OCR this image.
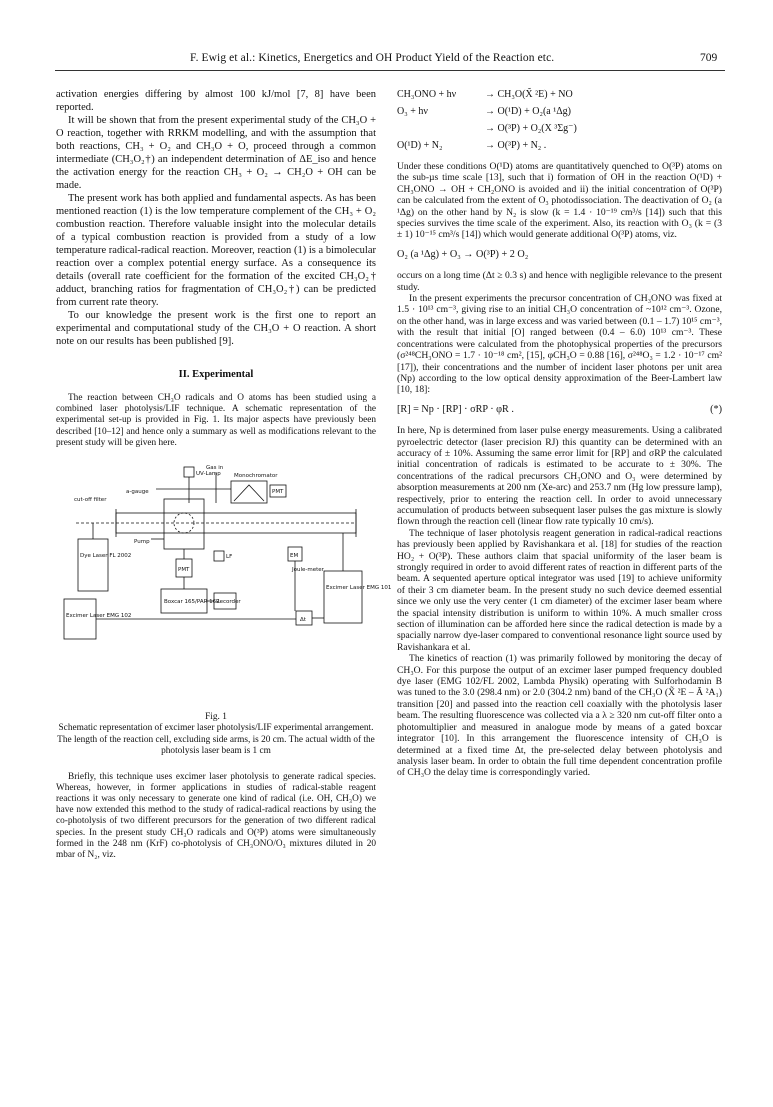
F. Ewig et al.: Kinetics, Energetics and OH Product Yield of the Reaction etc.	709

activation energies differing by almost 100 kJ/mol [7, 8] have been reported.

It will be shown that from the present experimental study of the CH₃O + O reaction, together with RRKM modelling, and with the assumption that both reactions, CH₃ + O₂ and CH₃O + O, proceed through a common intermediate (CH₃O₂†) an independent determination of ΔE_iso and hence the activation energy for the reaction CH₃ + O₂ → CH₂O + OH can be made.

The present work has both applied and fundamental aspects. As has been mentioned reaction (1) is the low temperature complement of the CH₃ + O₂ combustion reaction. Therefore valuable insight into the molecular details of a typical combustion reaction is provided from a study of a low temperature radical-radical reaction. Moreover, reaction (1) is a bimolecular reaction over a complex potential energy surface. As a consequence its details (overall rate coefficient for the formation of the excited CH₃O₂† adduct, branching ratios for fragmentation of CH₃O₂†) can be predicted from current rate theory.

To our knowledge the present work is the first one to report an experimental and computational study of the CH₃O + O reaction. A short note on our results has been published [9].

II. Experimental

The reaction between CH₃O radicals and O atoms has been studied using a combined laser photolysis/LIF technique. A schematic representation of the experimental set-up is provided in Fig. 1. Its major aspects have previously been described [10–12] and hence only a summary as well as modifications relevant to the present study will be given here.

UV-Lamp
Gas in
Monochromator
PMT
a-gauge
cut-off filter
Dye Laser FL 2002
Pump
LF	EM
Joule-meter
PMT
Boxcar 165/PAR 162
Recorder
Excimer Laser EMG 101
Excimer Laser EMG 102
Δt

Fig. 1

Schematic representation of excimer laser photolysis/LIF experimental arrangement. The length of the reaction cell, excluding side arms, is 20 cm. The actual width of the photolysis laser beam is 1 cm

Briefly, this technique uses excimer laser photolysis to generate radical species. Whereas, however, in former applications in studies of radical-stable reagent reactions it was only necessary to generate one kind of radical (i.e. OH, CH₃O) we have now extended this method to the study of radical-radical reactions by using the co-photolysis of two different precursors for the generation of two different radical species. In the present study CH₃O radicals and O(³P) atoms were simultaneously formed in the 248 nm (KrF) co-photolysis of CH₃ONO/O₃ mixtures diluted in 20 mbar of N₂, viz.

CH₃ONO + hν	→ CH₃O(X̃ ²E) + NO
O₃ + hν	→ O(¹D) + O₂(a ¹Δg)
→ O(³P) + O₂(X ³Σg⁻)
O(¹D) + N₂	→ O(³P) + N₂ .

Under these conditions O(¹D) atoms are quantitatively quenched to O(³P) atoms on the sub-µs time scale [13], such that i) formation of OH in the reaction O(¹D) + CH₃ONO → OH + CH₂ONO is avoided and ii) the initial concentration of O(³P) can be calculated from the extent of O₃ photodissociation. The deactivation of O₂ (a ¹Δg) on the other hand by N₂ is slow (k = 1.4 · 10⁻¹⁹ cm³/s [14]) such that this species survives the time scale of the experiment. Also, its reaction with O₃ (k = (3 ± 1) 10⁻¹⁵ cm³/s [14]) which would generate additional O(³P) atoms, viz.

O₂ (a ¹Δg) + O₃ → O(³P) + 2 O₂

occurs on a long time (Δt ≥ 0.3 s) and hence with negligible relevance to the present study.

In the present experiments the precursor concentration of CH₃ONO was fixed at 1.5 · 10¹³ cm⁻³, giving rise to an initial CH₃O concentration of ~10¹² cm⁻³. Ozone, on the other hand, was in large excess and was varied between (0.1 – 1.7) 10¹⁵ cm⁻³, with the result that initial [O] ranged between (0.4 – 6.0) 10¹³ cm⁻³. These concentrations were calculated from the photophysical properties of the precursors (σ²⁴⁸CH₃ONO = 1.7 · 10⁻¹⁸ cm², [15], φCH₃O = 0.88 [16], σ²⁴⁸O₃ = 1.2 · 10⁻¹⁷ cm² [17]), their concentrations and the number of incident laser photons per unit area (Np) according to the low optical density approximation of the Beer-Lambert law [10, 18]:

[R] = Np · [RP] · σRP · φR .	(*)

In here, Np is determined from laser pulse energy measurements. Using a calibrated pyroelectric detector (laser precision RJ) this quantity can be determined with an accuracy of ± 10%. Assuming the same error limit for [RP] and σRP the calculated initial concentration of radicals is estimated to be accurate to ± 30%. The concentrations of the radical precursors CH₃ONO and O₃ were determined by absorption measurements at 200 nm (Xe-arc) and 253.7 nm (Hg low pressure lamp), respectively, prior to entering the reaction cell. In order to avoid unnecessary accumulation of products between subsequent laser pulses the gas mixture is slowly flown through the reaction cell (linear flow rate typically 10 cm/s).

The technique of laser photolysis reagent generation in radical-radical reactions has previously been applied by Ravishankara et al. [18] for studies of the reaction HO₂ + O(³P). These authors claim that spacial uniformity of the laser beam is strongly required in order to avoid different rates of reaction in different parts of the beam. A sequented aperture optical integrator was used [19] to achieve uniformity of their 3 cm diameter beam. In the present study no such device deemed essential since we only use the very center (1 cm diameter) of the excimer laser beam where the spacial intensity distribution is uniform to within 10%. A much smaller cross section of illumination can be afforded here since the radical detection is made by a spacially narrow dye-laser compared to conventional resonance light source used by Ravishankara et al.

The kinetics of reaction (1) was primarily followed by monitoring the decay of CH₃O. For this purpose the output of an excimer laser pumped frequency doubled dye laser (EMG 102/FL 2002, Lambda Physik) operating with Sulforhodamin B was tuned to the 3.0 (298.4 nm) or 2.0 (304.2 nm) band of the CH₃O (X̃ ²E – Ã ²A₁) transition [20] and passed into the reaction cell coaxially with the photolysis laser beam. The resulting fluorescence was collected via a λ ≥ 320 nm cut-off filter onto a photomultiplier and measured in analogue mode by means of a gated boxcar integrator [10]. In this arrangement the fluorescence intensity of CH₃O is determined at a fixed time Δt, the pre-selected delay between photolysis and analysis laser beam. In order to obtain the full time dependent concentration profile of CH₃O the delay time is correspondingly varied.
